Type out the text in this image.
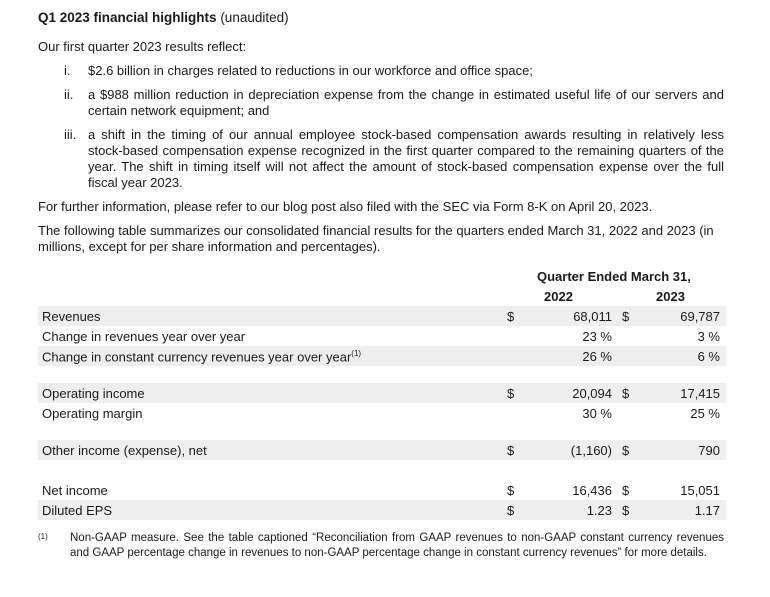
Q1 2023 financial highlights (unaudited)
Our first quarter 2023 results reflect:
i. $2.6 billion in charges related to reductions in our workforce and office space;
ii. a $988 million reduction in depreciation expense from the change in estimated useful life of our servers and certain network equipment; and
iii. a shift in the timing of our annual employee stock-based compensation awards resulting in relatively less stock-based compensation expense recognized in the first quarter compared to the remaining quarters of the year. The shift in timing itself will not affect the amount of stock-based compensation expense over the full fiscal year 2023.
For further information, please refer to our blog post also filed with the SEC via Form 8-K on April 20, 2023.
The following table summarizes our consolidated financial results for the quarters ended March 31, 2022 and 2023 (in millions, except for per share information and percentages).
Quarter Ended March 31,
2022	2023
Revenues	$	68,011 $	69,787
Change in revenues year over year	23 %	3 %
Change in constant currency revenues year over year$^{(1)}$	26 %	6 %
Operating income	$	20,094 $	17,415
Operating margin	30 %	25 %
Other income (expense), net	$	(1,160) $	790
Net income	$	16,436 $	15,051
Diluted EPS	$	1.23 $	1.17
(1) Non-GAAP measure. See the table captioned “Reconciliation from GAAP revenues to non-GAAP constant currency revenues and GAAP percentage change in revenues to non-GAAP percentage change in constant currency revenues” for more details.
